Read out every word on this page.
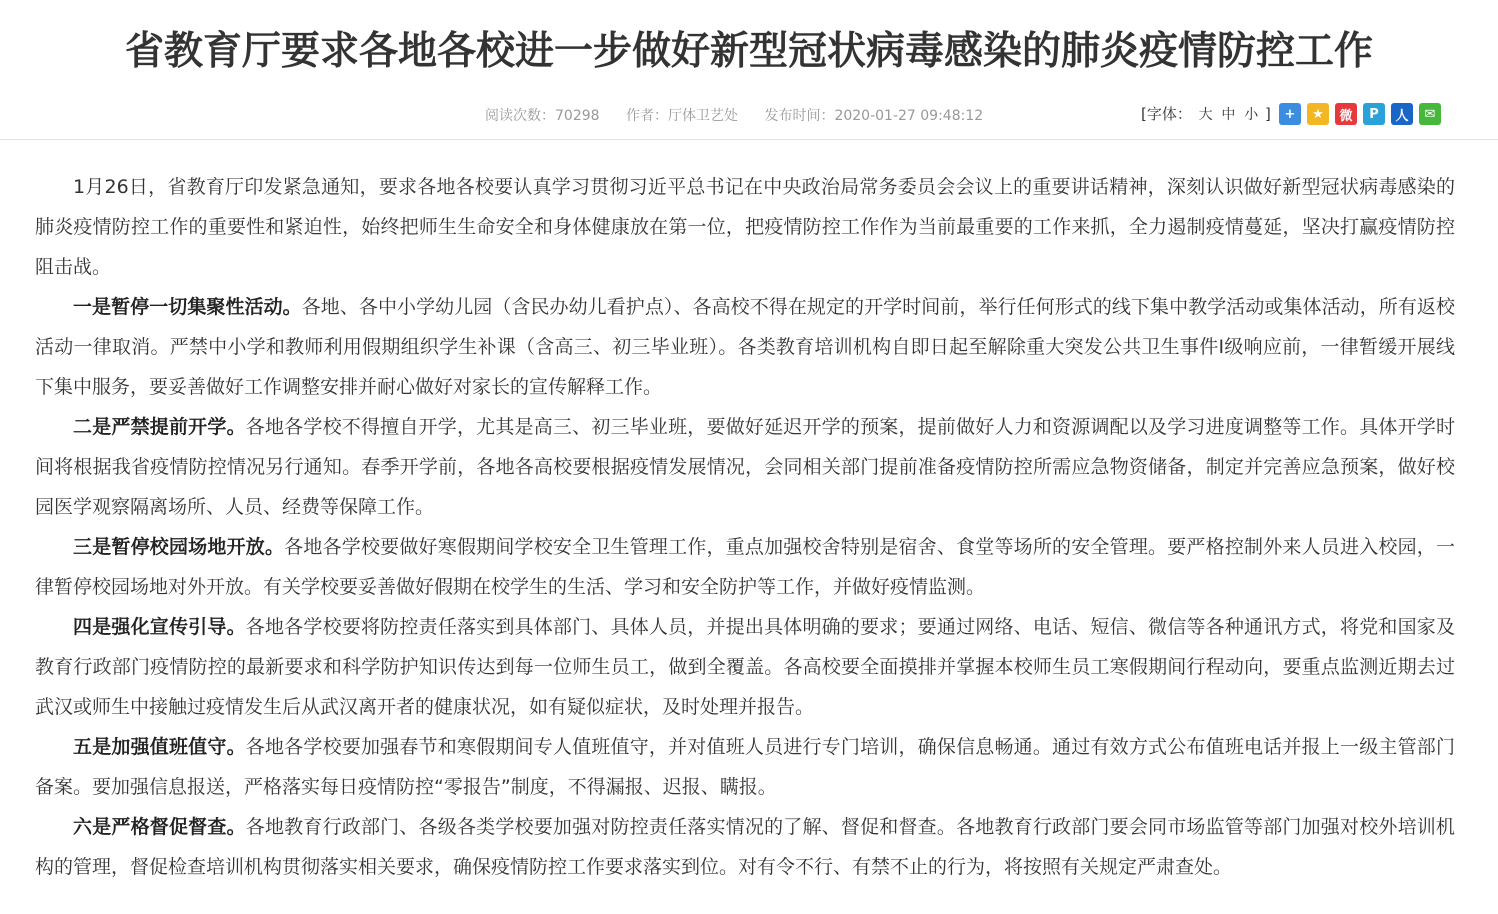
省教育厅要求各地各校进一步做好新型冠状病毒感染的肺炎疫情防控工作
阅读次数：70298 作者：厅体卫艺处 发布时间：2020-01-27 09:48:12	[字体： 大 中 小 ]	+	★	微	P	人	✉

1月26日，省教育厅印发紧急通知，要求各地各校要认真学习贯彻习近平总书记在中央政治局常务委员会会议上的重要讲话精神，深刻认识做好新型冠状病毒感染的肺炎疫情防控工作的重要性和紧迫性，始终把师生生命安全和身体健康放在第一位，把疫情防控工作作为当前最重要的工作来抓，全力遏制疫情蔓延，坚决打赢疫情防控阻击战。

一是暂停一切集聚性活动。各地、各中小学幼儿园（含民办幼儿看护点）、各高校不得在规定的开学时间前，举行任何形式的线下集中教学活动或集体活动，所有返校活动一律取消。严禁中小学和教师利用假期组织学生补课（含高三、初三毕业班）。各类教育培训机构自即日起至解除重大突发公共卫生事件Ⅰ级响应前，一律暂缓开展线下集中服务，要妥善做好工作调整安排并耐心做好对家长的宣传解释工作。

二是严禁提前开学。各地各学校不得擅自开学，尤其是高三、初三毕业班，要做好延迟开学的预案，提前做好人力和资源调配以及学习进度调整等工作。具体开学时间将根据我省疫情防控情况另行通知。春季开学前，各地各高校要根据疫情发展情况，会同相关部门提前准备疫情防控所需应急物资储备，制定并完善应急预案，做好校园医学观察隔离场所、人员、经费等保障工作。

三是暂停校园场地开放。各地各学校要做好寒假期间学校安全卫生管理工作，重点加强校舍特别是宿舍、食堂等场所的安全管理。要严格控制外来人员进入校园，一律暂停校园场地对外开放。有关学校要妥善做好假期在校学生的生活、学习和安全防护等工作，并做好疫情监测。

四是强化宣传引导。各地各学校要将防控责任落实到具体部门、具体人员，并提出具体明确的要求；要通过网络、电话、短信、微信等各种通讯方式，将党和国家及教育行政部门疫情防控的最新要求和科学防护知识传达到每一位师生员工，做到全覆盖。各高校要全面摸排并掌握本校师生员工寒假期间行程动向，要重点监测近期去过武汉或师生中接触过疫情发生后从武汉离开者的健康状况，如有疑似症状，及时处理并报告。

五是加强值班值守。各地各学校要加强春节和寒假期间专人值班值守，并对值班人员进行专门培训，确保信息畅通。通过有效方式公布值班电话并报上一级主管部门备案。要加强信息报送，严格落实每日疫情防控“零报告”制度，不得漏报、迟报、瞒报。

六是严格督促督查。各地教育行政部门、各级各类学校要加强对防控责任落实情况的了解、督促和督查。各地教育行政部门要会同市场监管等部门加强对校外培训机构的管理，督促检查培训机构贯彻落实相关要求，确保疫情防控工作要求落实到位。对有令不行、有禁不止的行为，将按照有关规定严肃查处。
